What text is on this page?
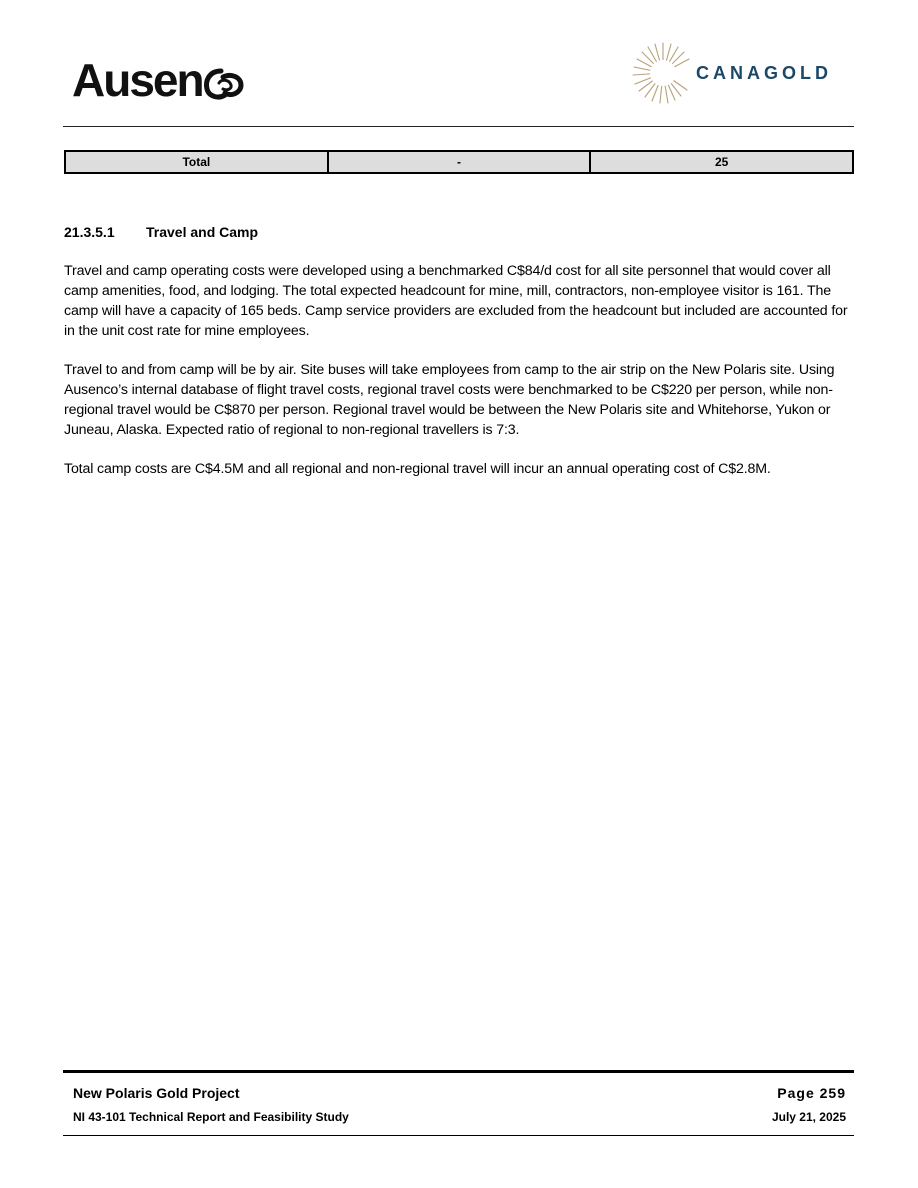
Ausen	CANAGOLD
Total	-	25
21.3.5.1 Travel and Camp

Travel and camp operating costs were developed using a benchmarked C$84/d cost for all site personnel that would cover all camp amenities, food, and lodging. The total expected headcount for mine, mill, contractors, non-employee visitor is 161. The camp will have a capacity of 165 beds. Camp service providers are excluded from the headcount but included are accounted for in the unit cost rate for mine employees.

Travel to and from camp will be by air. Site buses will take employees from camp to the air strip on the New Polaris site. Using Ausenco’s internal database of flight travel costs, regional travel costs were benchmarked to be C$220 per person, while non-regional travel would be C$870 per person. Regional travel would be between the New Polaris site and Whitehorse, Yukon or Juneau, Alaska. Expected ratio of regional to non-regional travellers is 7:3.

Total camp costs are C$4.5M and all regional and non-regional travel will incur an annual operating cost of C$2.8M.

New Polaris Gold Project
NI 43-101 Technical Report and Feasibility Study
Page 259
July 21, 2025
